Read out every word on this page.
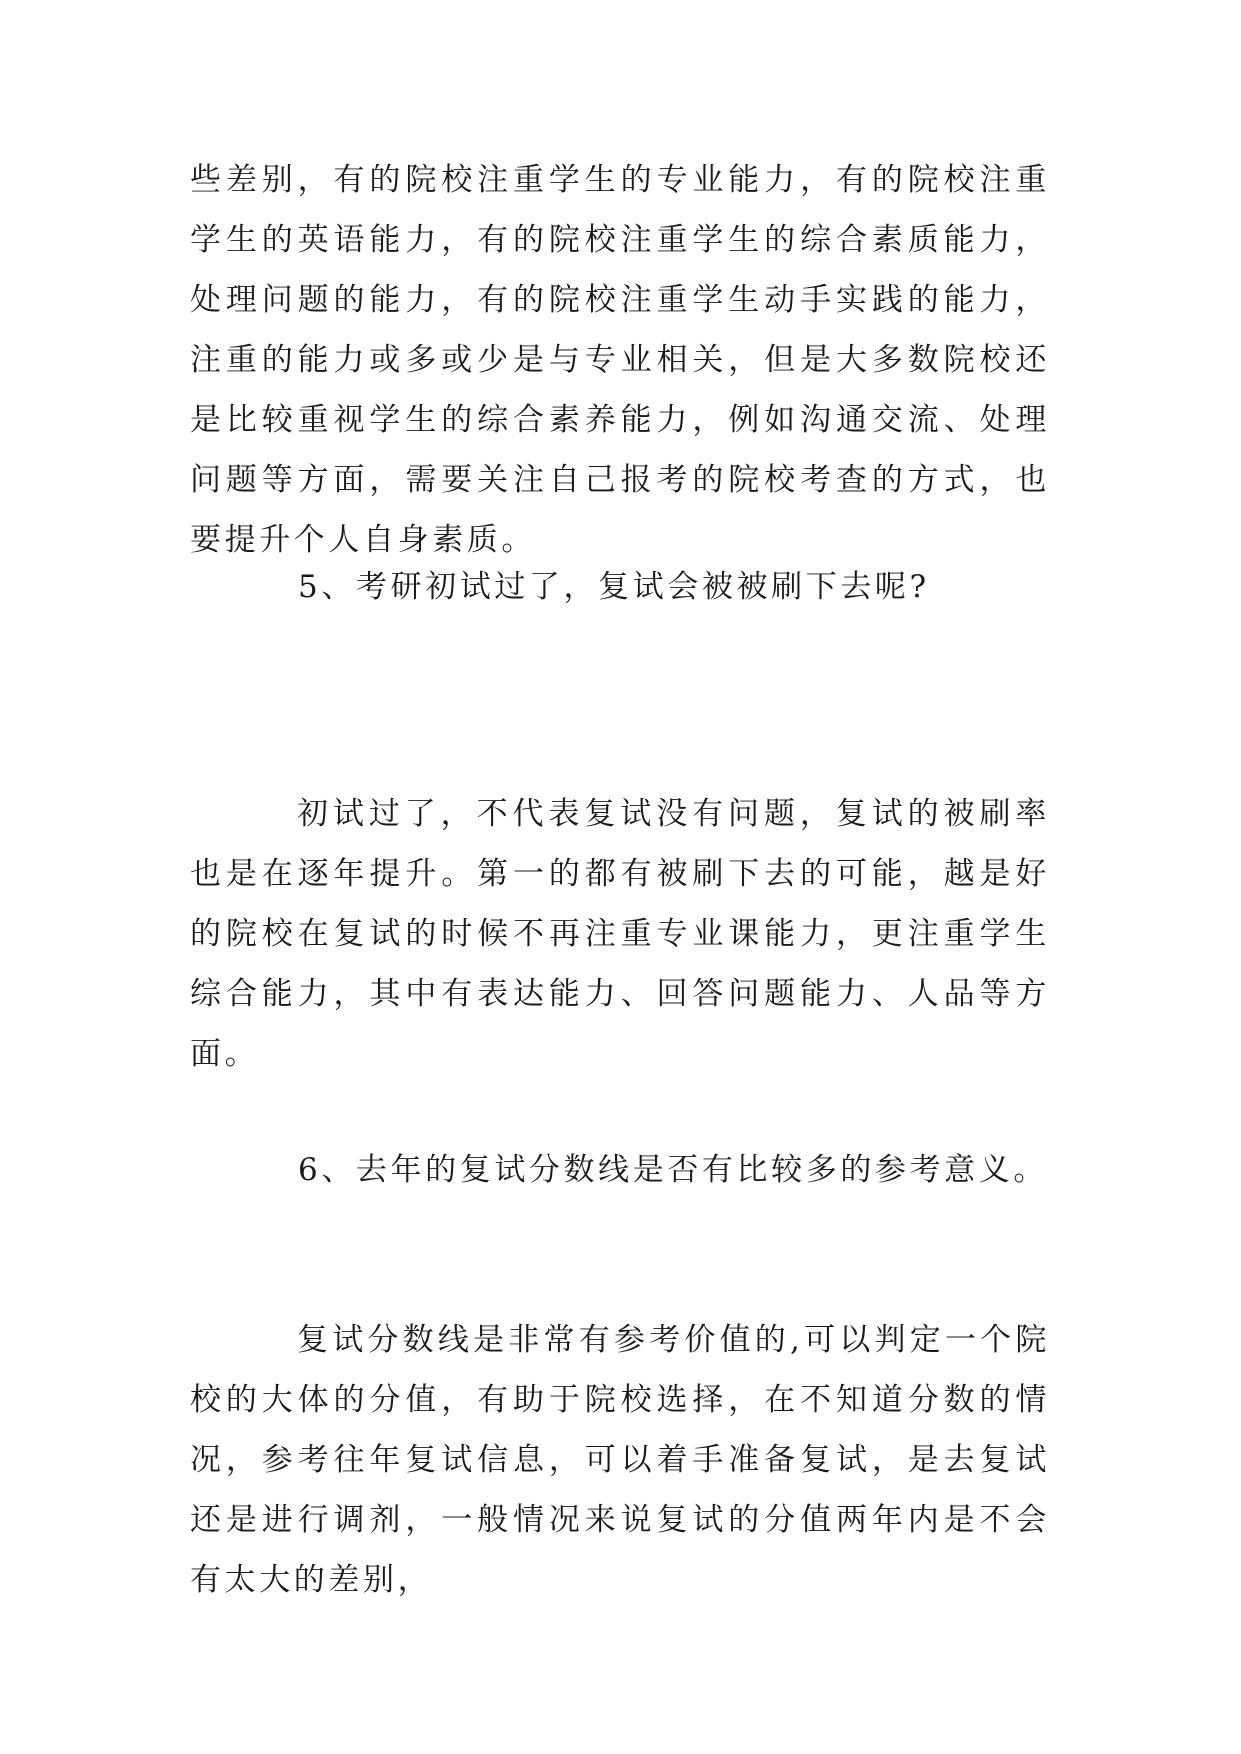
些差别，有的院校注重学生的专业能力，有的院校注重学生的英语能力，有的院校注重学生的综合素质能力，处理问题的能力，有的院校注重学生动手实践的能力，注重的能力或多或少是与专业相关，但是大多数院校还是比较重视学生的综合素养能力，例如沟通交流、处理问题等方面，需要关注自己报考的院校考查的方式，也要提升个人自身素质。

5、考研初试过了，复试会被被刷下去呢?

初试过了，不代表复试没有问题，复试的被刷率也是在逐年提升。第一的都有被刷下去的可能，越是好的院校在复试的时候不再注重专业课能力，更注重学生综合能力，其中有表达能力、回答问题能力、人品等方面。

6、去年的复试分数线是否有比较多的参考意义。

复试分数线是非常有参考价值的,可以判定一个院校的大体的分值，有助于院校选择，在不知道分数的情况，参考往年复试信息，可以着手准备复试，是去复试还是进行调剂，一般情况来说复试的分值两年内是不会有太大的差别，
